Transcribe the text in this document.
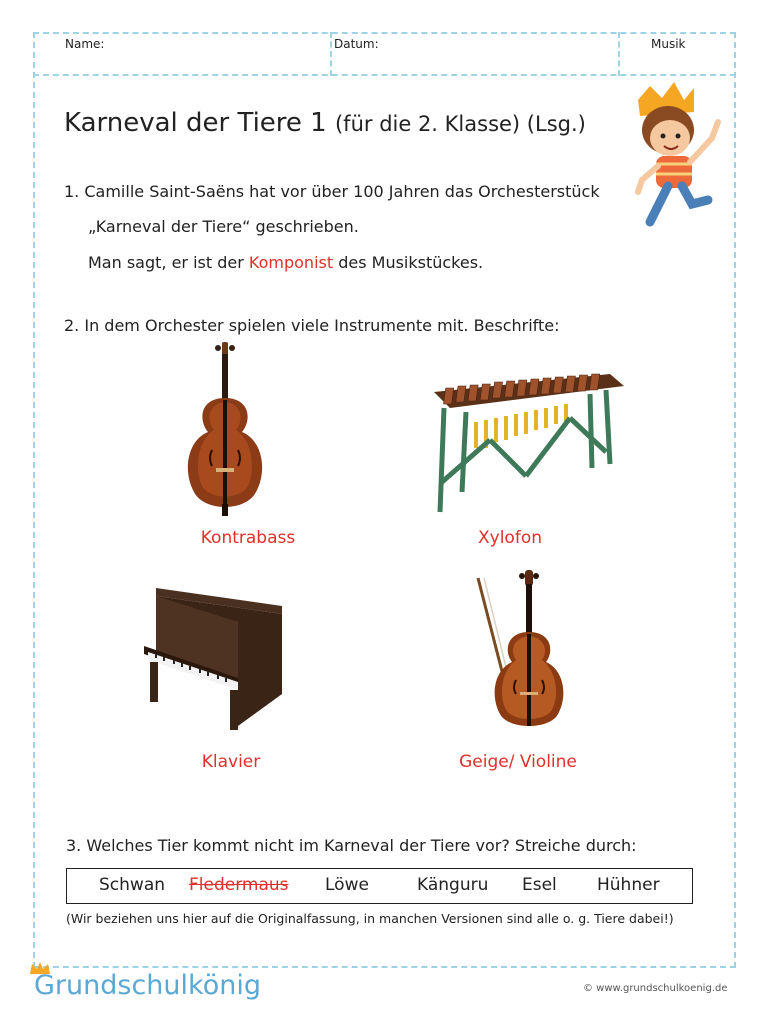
Name:	Datum:	Musik
Karneval der Tiere 1 (für die 2. Klasse) (Lsg.)
1. Camille Saint-Saëns hat vor über 100 Jahren das Orchesterstück
„Karneval der Tiere“ geschrieben.
Man sagt, er ist der Komponist des Musikstückes.
2. In dem Orchester spielen viele Instrumente mit. Beschrifte:
Kontrabass	Xylofon
Klavier	Geige/ Violine
3. Welches Tier kommt nicht im Karneval der Tiere vor? Streiche durch:
Schwan Fledermaus Löwe	Känguru Esel Hühner
(Wir beziehen uns hier auf die Originalfassung, in manchen Versionen sind alle o. g. Tiere dabei!)
Grundschulkönig	© www.grundschulkoenig.de
